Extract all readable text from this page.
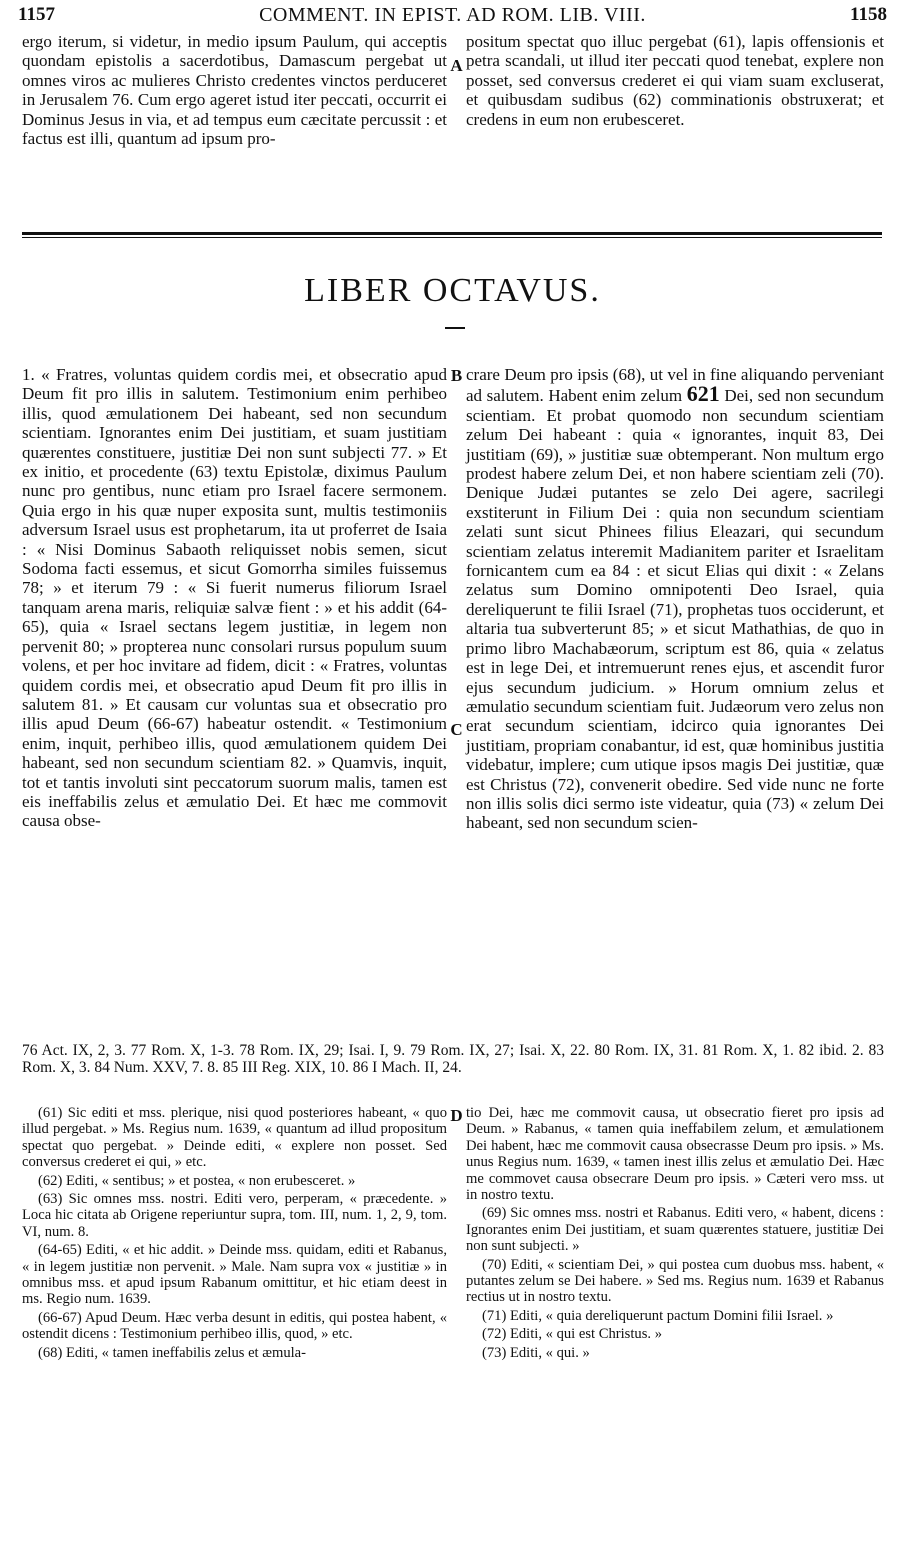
1157	COMMENT. IN EPIST. AD ROM. LIB. VIII.	1158
ergo iterum, si videtur, in medio ipsum Paulum, qui acceptis quondam epistolis a sacerdotibus, Damascum pergebat ut omnes viros ac mulieres Christo credentes vinctos perduceret in Jerusalem 76. Cum ergo ageret istud iter peccati, occurrit ei Dominus Jesus in via, et ad tempus eum cæcitate percussit : et factus est illi, quantum ad ipsum pro-
A
positum spectat quo illuc pergebat (61), lapis offensionis et petra scandali, ut illud iter peccati quod tenebat, explere non posset, sed conversus crederet ei qui viam suam excluserat, et quibusdam sudibus (62) comminationis obstruxerat; et credens in eum non erubesceret.
LIBER OCTAVUS.
1. « Fratres, voluntas quidem cordis mei, et obsecratio apud Deum fit pro illis in salutem. Testimonium enim perhibeo illis, quod æmulationem Dei habeant, sed non secundum scientiam. Ignorantes enim Dei justitiam, et suam justitiam quærentes constituere, justitiæ Dei non sunt subjecti 77. » Et ex initio, et procedente (63) textu Epistolæ, diximus Paulum nunc pro gentibus, nunc etiam pro Israel facere sermonem. Quia ergo in his quæ nuper exposita sunt, multis testimoniis adversum Israel usus est prophetarum, ita ut proferret de Isaia : « Nisi Dominus Sabaoth reliquisset nobis semen, sicut Sodoma facti essemus, et sicut Gomorrha similes fuissemus 78; » et iterum 79 : « Si fuerit numerus filiorum Israel tanquam arena maris, reliquiæ salvæ fient : » et his addit (64-65), quia « Israel sectans legem justitiæ, in legem non pervenit 80; » propterea nunc consolari rursus populum suum volens, et per hoc invitare ad fidem, dicit : « Fratres, voluntas quidem cordis mei, et obsecratio apud Deum fit pro illis in salutem 81. » Et causam cur voluntas sua et obsecratio pro illis apud Deum (66-67) habeatur ostendit. « Testimonium enim, inquit, perhibeo illis, quod æmulationem quidem Dei habeant, sed non secundum scientiam 82. » Quamvis, inquit, tot et tantis involuti sint peccatorum suorum malis, tamen est eis ineffabilis zelus et æmulatio Dei. Et hæc me commovit causa obse-
B
C
crare Deum pro ipsis (68), ut vel in fine aliquando perveniant ad salutem. Habent enim zelum 621 Dei, sed non secundum scientiam. Et probat quomodo non secundum scientiam zelum Dei habeant : quia « ignorantes, inquit 83, Dei justitiam (69), » justitiæ suæ obtemperant. Non multum ergo prodest habere zelum Dei, et non habere scientiam zeli (70). Denique Judæi putantes se zelo Dei agere, sacrilegi exstiterunt in Filium Dei : quia non secundum scientiam zelati sunt sicut Phinees filius Eleazari, qui secundum scientiam zelatus interemit Madianitem pariter et Israelitam fornicantem cum ea 84 : et sicut Elias qui dixit : « Zelans zelatus sum Domino omnipotenti Deo Israel, quia dereliquerunt te filii Israel (71), prophetas tuos occiderunt, et altaria tua subverterunt 85; » et sicut Mathathias, de quo in primo libro Machabæorum, scriptum est 86, quia « zelatus est in lege Dei, et intremuerunt renes ejus, et ascendit furor ejus secundum judicium. » Horum omnium zelus et æmulatio secundum scientiam fuit. Judæorum vero zelus non erat secundum scientiam, idcirco quia ignorantes Dei justitiam, propriam conabantur, id est, quæ hominibus justitia videbatur, implere; cum utique ipsos magis Dei justitiæ, quæ est Christus (72), convenerit obedire. Sed vide nunc ne forte non illis solis dici sermo iste videatur, quia (73) « zelum Dei habeant, sed non secundum scien-
76 Act. IX, 2, 3. 77 Rom. X, 1-3. 78 Rom. IX, 29; Isai. I, 9. 79 Rom. IX, 27; Isai. X, 22. 80 Rom. IX, 31. 81 Rom. X, 1. 82 ibid. 2. 83 Rom. X, 3. 84 Num. XXV, 7. 8. 85 III Reg. XIX, 10. 86 I Mach. II, 24.
D

(61) Sic editi et mss. plerique, nisi quod posteriores habeant, « quo illud pergebat. » Ms. Regius num. 1639, « quantum ad illud propositum spectat quo pergebat. » Deinde editi, « explere non posset. Sed conversus crederet ei qui, » etc.

(62) Editi, « sentibus; » et postea, « non erubesceret. »

(63) Sic omnes mss. nostri. Editi vero, perperam, « præcedente. » Loca hic citata ab Origene reperiuntur supra, tom. III, num. 1, 2, 9, tom. VI, num. 8.

(64-65) Editi, « et hic addit. » Deinde mss. quidam, editi et Rabanus, « in legem justitiæ non pervenit. » Male. Nam supra vox « justitiæ » in omnibus mss. et apud ipsum Rabanum omittitur, et hic etiam deest in ms. Regio num. 1639.

(66-67) Apud Deum. Hæc verba desunt in editis, qui postea habent, « ostendit dicens : Testimonium perhibeo illis, quod, » etc.

(68) Editi, « tamen ineffabilis zelus et æmula-

tio Dei, hæc me commovit causa, ut obsecratio fieret pro ipsis ad Deum. » Rabanus, « tamen quia ineffabilem zelum, et æmulationem Dei habent, hæc me commovit causa obsecrasse Deum pro ipsis. » Ms. unus Regius num. 1639, « tamen inest illis zelus et æmulatio Dei. Hæc me commovet causa obsecrare Deum pro ipsis. » Cæteri vero mss. ut in nostro textu.

(69) Sic omnes mss. nostri et Rabanus. Editi vero, « habent, dicens : Ignorantes enim Dei justitiam, et suam quærentes statuere, justitiæ Dei non sunt subjecti. »

(70) Editi, « scientiam Dei, » qui postea cum duobus mss. habent, « putantes zelum se Dei habere. » Sed ms. Regius num. 1639 et Rabanus rectius ut in nostro textu.

(71) Editi, « quia dereliquerunt pactum Domini filii Israel. »

(72) Editi, « qui est Christus. »

(73) Editi, « qui. »
